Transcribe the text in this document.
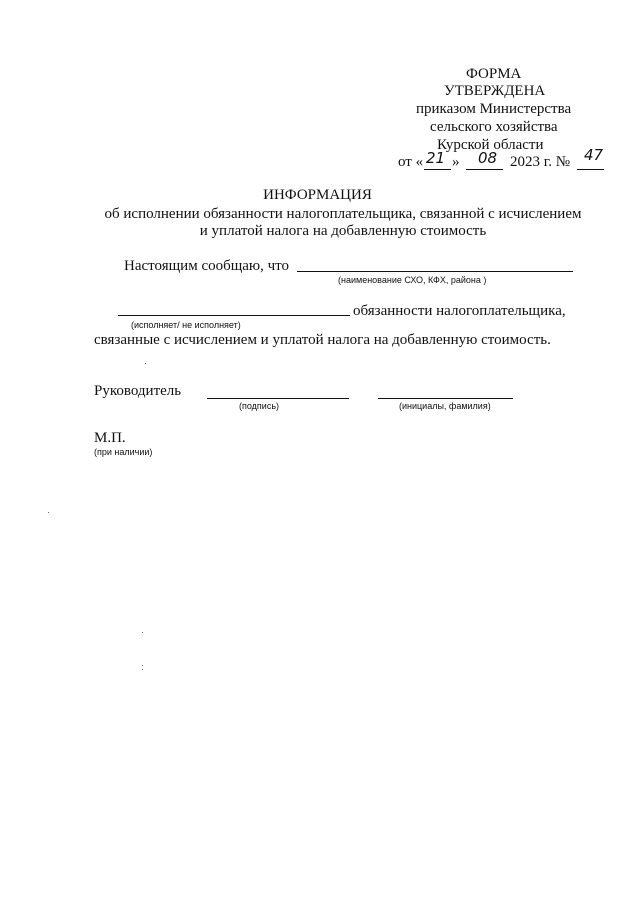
ФОРМА
УТВЕРЖДЕНА
приказом Министерства
сельского хозяйства
Курской области
от « 21 » 08 2023 г. № 47
ИНФОРМАЦИЯ
об исполнении обязанности налогоплательщика, связанной с исчислением
и уплатой налога на добавленную стоимость
Настоящим сообщаю, что
(наименование СХО, КФХ, района )
обязанности налогоплательщика,
(исполняет/ не исполняет)
связанные с исчислением и уплатой налога на добавленную стоимость.
Руководитель
(подпись)	(инициалы, фамилия)
М.П.
(при наличии)
